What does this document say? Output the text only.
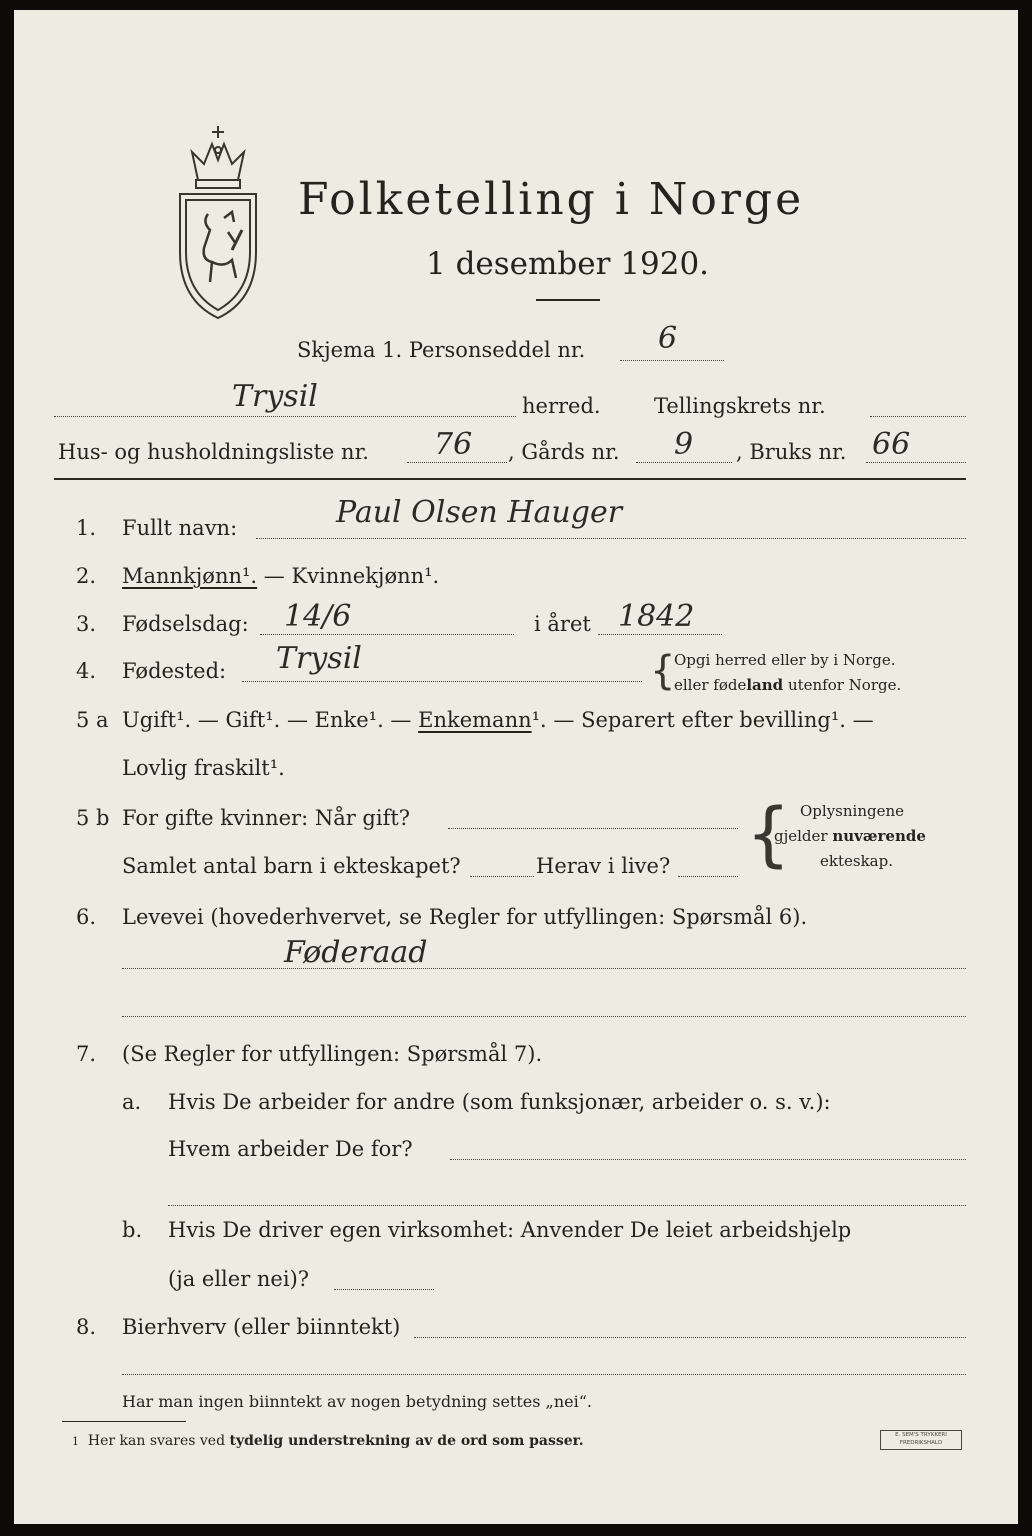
Folketelling i Norge
1 desember 1920.
Skjema 1. Personseddel nr. 6
Trysil	herred.	Tellingskrets nr.
Hus- og husholdningsliste nr. 76 , Gårds nr. 9 , Bruks nr. 66
1. Fullt navn:	Paul Olsen Hauger
2. Mannkjønn¹. — Kvinnekjønn¹.
3. Fødselsdag: 14/6	i året 1842
4. Fødested: Trysil	{
Opgi herred eller by i Norge.
eller fødeland utenfor Norge.
5 a Ugift¹. — Gift¹. — Enke¹. — Enkemann¹. — Separert efter bevilling¹. —
Lovlig fraskilt¹.
5 b For gifte kvinner: Når gift?
Samlet antal barn i ekteskapet?	Herav i live? { Oplysningene
gjelder nuværende
ekteskap.
6. Levevei (hovederhvervet, se Regler for utfyllingen: Spørsmål 6).
Føderaad
7. (Se Regler for utfyllingen: Spørsmål 7).
a. Hvis De arbeider for andre (som funksjonær, arbeider o. s. v.):
Hvem arbeider De for?
b. Hvis De driver egen virksomhet: Anvender De leiet arbeidshjelp
(ja eller nei)?
8. Bierhverv (eller biinntekt)
Har man ingen biinntekt av nogen betydning settes „nei“.
$^1$ Her kan svares ved tydelig understrekning av de ord som passer.	E. SEM'S TRYKKERI
FREDRIKSHALD
